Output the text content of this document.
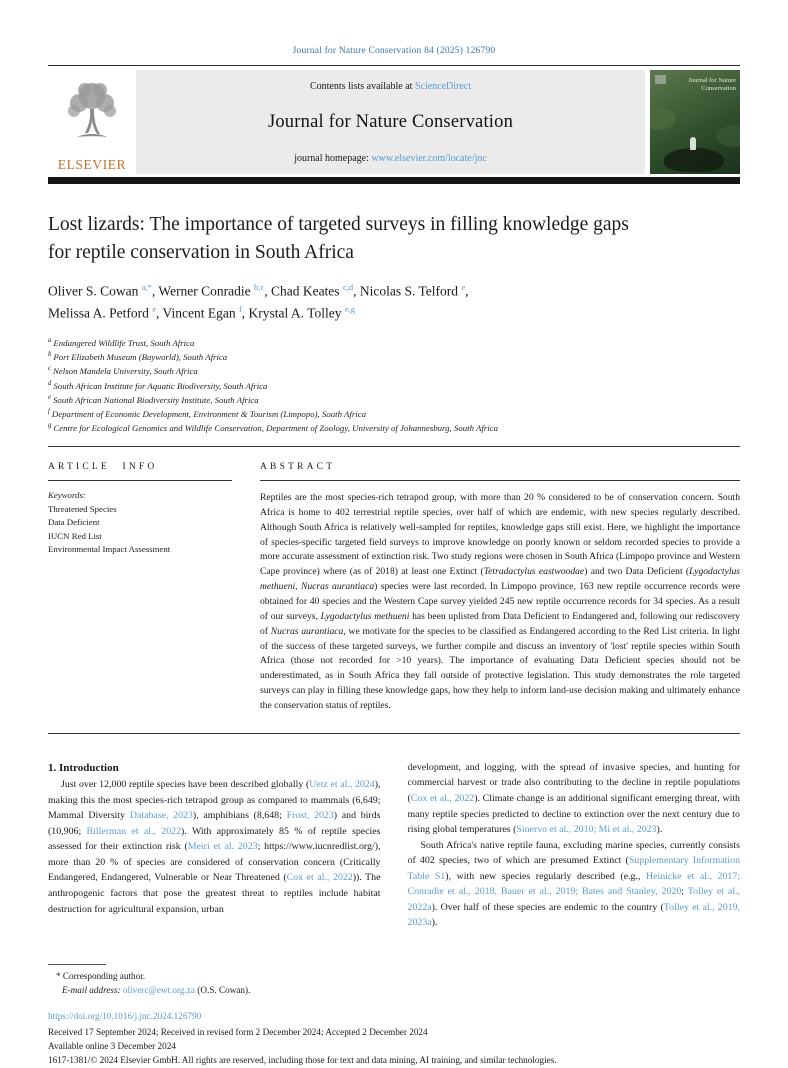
Journal for Nature Conservation 84 (2025) 126790
ELSEVIER
Contents lists available at ScienceDirect
Journal for Nature Conservation
journal homepage: www.elsevier.com/locate/jnc
Journal for Nature Conservation
Lost lizards: The importance of targeted surveys in filling knowledge gaps
for reptile conservation in South Africa
Oliver S. Cowan $^{a,*}$, Werner Conradie $^{b,c}$, Chad Keates $^{c,d}$, Nicolas S. Telford $^e$,
Melissa A. Petford $^e$, Vincent Egan $^f$, Krystal A. Tolley $^{e,g}$
$^a$ Endangered Wildlife Trust, South Africa
$^b$ Port Elizabeth Museum (Bayworld), South Africa
$^c$ Nelson Mandela University, South Africa
$^d$ South African Institute for Aquatic Biodiversity, South Africa
$^e$ South African National Biodiversity Institute, South Africa
$^f$ Department of Economic Development, Environment & Tourism (Limpopo), South Africa
$^g$ Centre for Ecological Genomics and Wildlife Conservation, Department of Zoology, University of Johannesburg, South Africa
ARTICLE INFO
Keywords:
Threatened Species
Data Deficient
IUCN Red List
Environmental Impact Assessment
ABSTRACT
Reptiles are the most species-rich tetrapod group, with more than 20 % considered to be of conservation concern. South Africa is home to 402 terrestrial reptile species, over half of which are endemic, with new species regularly described. Although South Africa is relatively well-sampled for reptiles, knowledge gaps still exist. Here, we highlight the importance of species-specific targeted field surveys to improve knowledge on poorly known or seldom recorded species to provide a more accurate assessment of extinction risk. Two study regions were chosen in South Africa (Limpopo province and Western Cape province) where (as of 2018) at least one Extinct (Tetradactylus eastwoodae) and two Data Deficient (Lygodactylus methueni, Nucras aurantiaca) species were last recorded. In Limpopo province, 163 new reptile occurrence records were obtained for 40 species and the Western Cape survey yielded 245 new reptile occurrence records for 34 species. As a result of our surveys, Lygodactylus methueni has been uplisted from Data Deficient to Endangered and, following our rediscovery of Nucras aurantiaca, we motivate for the species to be classified as Endangered according to the Red List criteria. In light of the success of these targeted surveys, we further compile and discuss an inventory of 'lost' reptile species within South Africa (those not recorded for >10 years). The importance of evaluating Data Deficient species should not be underestimated, as in South Africa they fall outside of protective legislation. This study demonstrates the role targeted surveys can play in filling these knowledge gaps, how they help to inform land-use decision making and ultimately enhance the conservation status of reptiles.

1. Introduction

Just over 12,000 reptile species have been described globally (Uetz et al., 2024), making this the most species-rich tetrapod group as compared to mammals (6,649; Mammal Diversity Database, 2023), amphibians (8,648; Frost, 2023) and birds (10,906; Billerman et al., 2022). With approximately 85 % of reptile species assessed for their extinction risk (Meiri et al. 2023; https://www.iucnredlist.org/), more than 20 % of species are considered of conservation concern (Critically Endangered, Endangered, Vulnerable or Near Threatened (Cox et al., 2022)). The anthropogenic factors that pose the greatest threat to reptiles include habitat destruction for agricultural expansion, urban

development, and logging, with the spread of invasive species, and hunting for commercial harvest or trade also contributing to the decline in reptile populations (Cox et al., 2022). Climate change is an additional significant emerging threat, with many reptile species predicted to decline to extinction over the next century due to rising global temperatures (Sinervo et al., 2010; Mi et al., 2023).

South Africa's native reptile fauna, excluding marine species, currently consists of 402 species, two of which are presumed Extinct (Supplementary Information Table S1), with new species regularly described (e.g., Heinicke et al., 2017; Conradie et al., 2018, Bauer et al., 2019; Bates and Stanley, 2020; Tolley et al., 2022a). Over half of these species are endemic to the country (Tolley et al., 2019, 2023a).

* Corresponding author.
E-mail address: oliverc@ewt.org.za (O.S. Cowan).
https://doi.org/10.1016/j.jnc.2024.126790
Received 17 September 2024; Received in revised form 2 December 2024; Accepted 2 December 2024
Available online 3 December 2024
1617-1381/© 2024 Elsevier GmbH. All rights are reserved, including those for text and data mining, AI training, and similar technologies.
